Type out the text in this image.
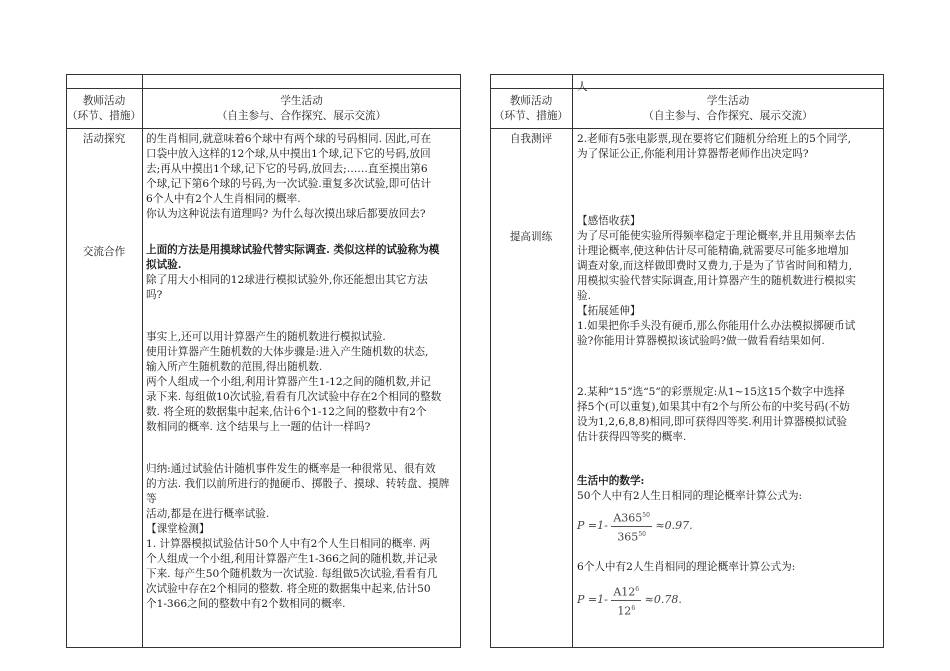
教师活动
（环节、措施）
学生活动
（自主参与、合作探究、展示交流）
活动探究
交流合作
的生肖相同,就意味着6个球中有两个球的号码相同. 因此,可在
口袋中放入这样的12个球,从中摸出1个球,记下它的号码,放回
去;再从中摸出1个球,记下它的号码,放回去;……直至摸出第6
个球,记下第6个球的号码,为一次试验.重复多次试验,即可估计
6个人中有2个人生肖相同的概率.
你认为这种说法有道理吗? 为什么每次摸出球后都要放回去?
上面的方法是用摸球试验代替实际调查. 类似这样的试验称为模
拟试验.
除了用大小相同的12球进行模拟试验外,你还能想出其它方法
吗?
事实上,还可以用计算器产生的随机数进行模拟试验.
使用计算器产生随机数的大体步骤是:进入产生随机数的状态,
输入所产生随机数的范围,得出随机数.
两个人组成一个小组,利用计算器产生1-12之间的随机数,并记
录下来. 每组做10次试验,看看有几次试验中存在2个相同的整数
数. 将全班的数据集中起来,估计6个1-12之间的整数中有2个
数相同的概率. 这个结果与上一题的估计一样吗?
归纳:通过试验估计随机事件发生的概率是一种很常见、很有效
的方法. 我们以前所进行的抛硬币、掷骰子、摸球、转转盘、摸牌等
活动,都是在进行概率试验.
【课堂检测】
1. 计算器模拟试验估计50个人中有2个人生日相同的概率. 两
个人组成一个小组,利用计算器产生1-366之间的随机数,并记录
下来. 每产生50个随机数为一次试验. 每组做5次试验,看看有几
次试验中存在2个相同的整数. 将全班的数据集中起来,估计50
个1-366之间的整数中有2个数相同的概率.
人
教师活动
（环节、措施）
学生活动
（自主参与、合作探究、展示交流）
自我测评
提高训练
2.老师有5张电影票,现在要将它们随机分给班上的5个同学,
为了保证公正,你能利用计算器帮老师作出决定吗?
【感悟收获】
为了尽可能使实验所得频率稳定于理论概率,并且用频率去估
计理论概率,使这种估计尽可能精确,就需要尽可能多地增加
调查对象,而这样做即费时又费力,于是为了节省时间和精力,
用模拟实验代替实际调查,用计算器产生的随机数进行模拟实
验.
【拓展延伸】
1.如果把你手头没有硬币,那么你能用什么办法模拟掷硬币试
验?你能用计算器模拟该试验吗?做一做看看结果如何.
2.某种“15”选“5”的彩票规定:从1~15这15个数字中选择
择5个(可以重复),如果其中有2个与所公布的中奖号码(不妨
设为1,2,6,8,8)相同,即可获得四等奖.利用计算器模拟试验
估计获得四等奖的概率.
生活中的数学:
50个人中有2人生日相同的理论概率计算公式为:
$P =1- \frac{A365^{50}}{365^{50}} \approx 0.97$.
6个人中有2人生肖相同的理论概率计算公式为:
$P =1- \frac{A12^6}{12^6} \approx 0.78$.
